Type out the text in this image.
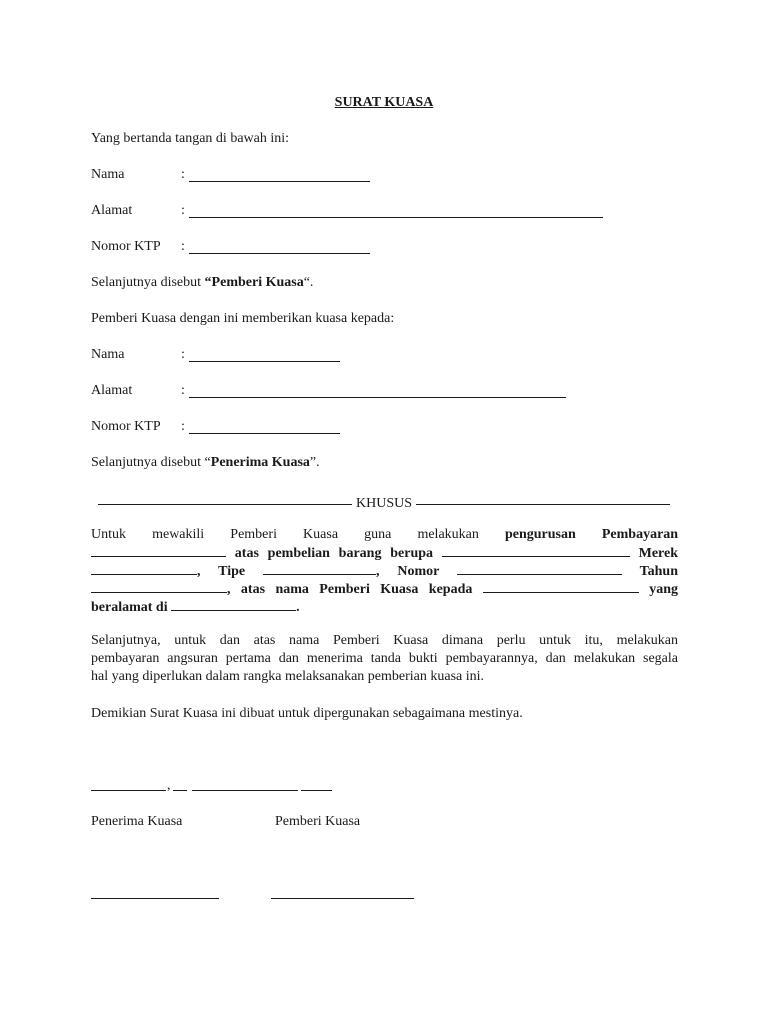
SURAT KUASA
Yang bertanda tangan di bawah ini:
Nama	:
Alamat	:
Nomor KTP :
Selanjutnya disebut “Pemberi Kuasa“.
Pemberi Kuasa dengan ini memberikan kuasa kepada:
Nama	:
Alamat	:
Nomor KTP :
Selanjutnya disebut “Penerima Kuasa”.
KHUSUS
Untuk mewakili Pemberi Kuasa guna melakukan pengurusan Pembayaran
atas pembelian barang berupa	Merek
, Tipe	, Nomor	Tahun
, atas nama Pemberi Kuasa kepada	yang
beralamat di	.
Selanjutnya, untuk dan atas nama Pemberi Kuasa dimana perlu untuk itu, melakukan
pembayaran angsuran pertama dan menerima tanda bukti pembayarannya, dan melakukan segala
hal yang diperlukan dalam rangka melaksanakan pemberian kuasa ini.
Demikian Surat Kuasa ini dibuat untuk dipergunakan sebagaimana mestinya.
,
Penerima Kuasa	Pemberi Kuasa
